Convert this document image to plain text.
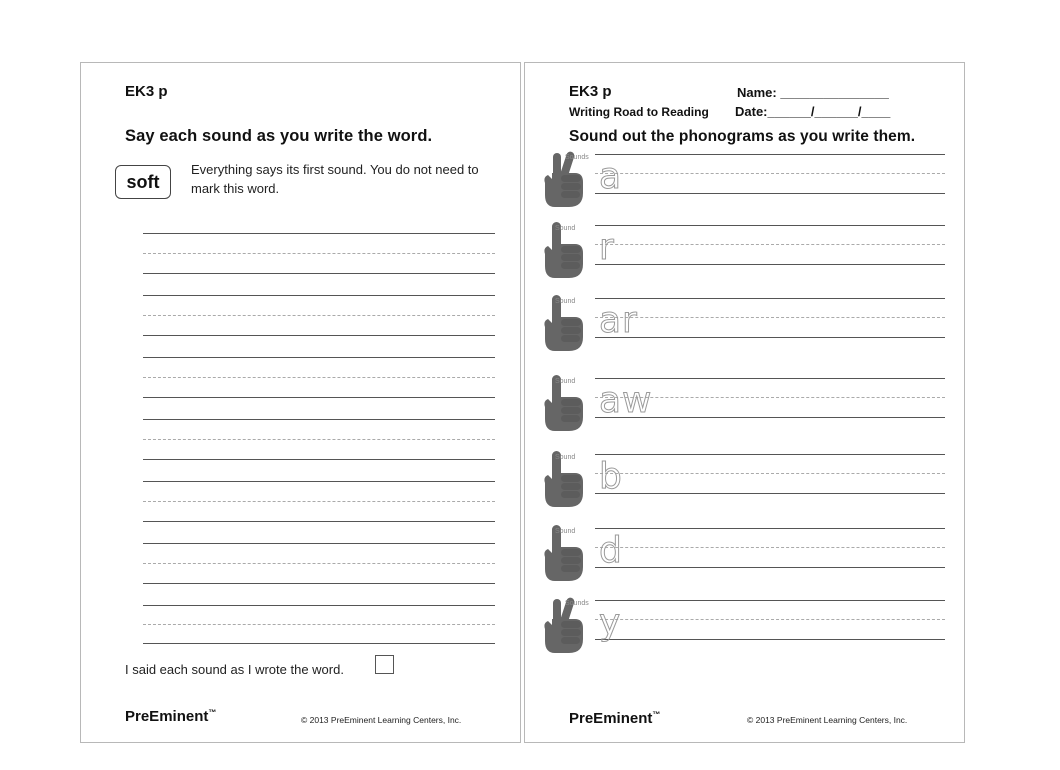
EK3 p
Say each sound as you write the word.
soft
Everything says its first sound. You do not need to mark this word.
I said each sound as I wrote the word.
PreEminent™
© 2013 PreEminent Learning Centers, Inc.
EK3 p	Name: _______________
Writing Road to Reading Date:______/______/____
Sound out the phonograms as you write them.
Sounds a
Sound r
Sound ar
Sound aw
Sound b
Sound d
Sounds y
PreEminent™
© 2013 PreEminent Learning Centers, Inc.
